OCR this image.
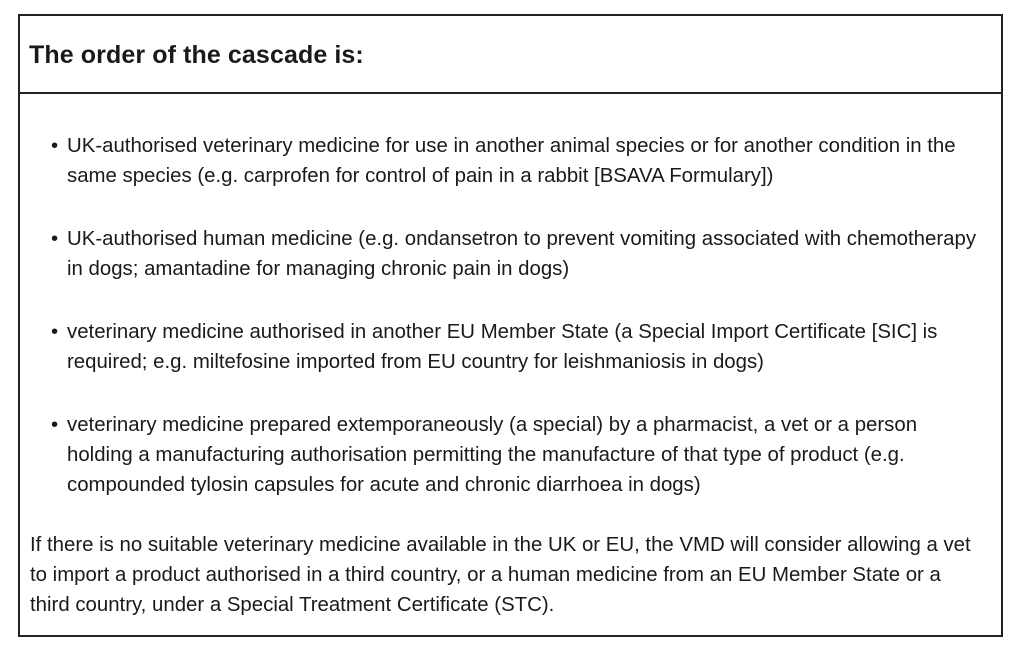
The order of the cascade is:
• UK-authorised veterinary medicine for use in another animal species or for another condition in the same species (e.g. carprofen for control of pain in a rabbit [BSAVA Formulary])
• UK-authorised human medicine (e.g. ondansetron to prevent vomiting associated with chemotherapy in dogs; amantadine for managing chronic pain in dogs)
• veterinary medicine authorised in another EU Member State (a Special Import Certificate [SIC] is required; e.g. miltefosine imported from EU country for leishmaniosis in dogs)
• veterinary medicine prepared extemporaneously (a special) by a pharmacist, a vet or a person holding a manufacturing authorisation permitting the manufacture of that type of product (e.g. compounded tylosin capsules for acute and chronic diarrhoea in dogs)

If there is no suitable veterinary medicine available in the UK or EU, the VMD will consider allowing a vet to import a product authorised in a third country, or a human medicine from an EU Member State or a third country, under a Special Treatment Certificate (STC).
